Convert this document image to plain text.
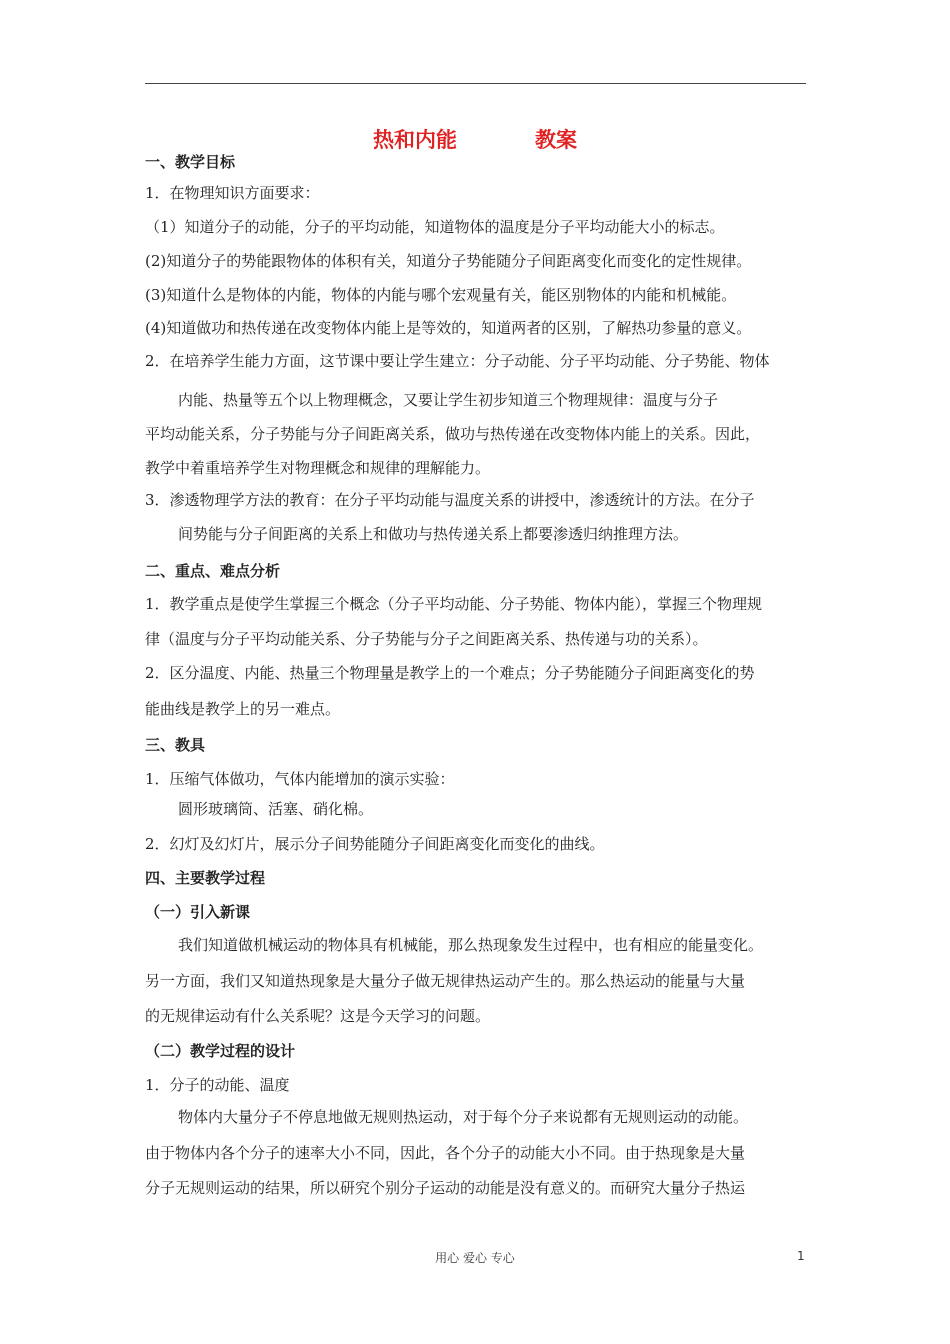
热和内能	教案
一、教学目标
1．在物理知识方面要求：
（1）知道分子的动能，分子的平均动能，知道物体的温度是分子平均动能大小的标志。
(2)知道分子的势能跟物体的体积有关，知道分子势能随分子间距离变化而变化的定性规律。
(3)知道什么是物体的内能，物体的内能与哪个宏观量有关，能区别物体的内能和机械能。
(4)知道做功和热传递在改变物体内能上是等效的，知道两者的区别，了解热功参量的意义。
2．在培养学生能力方面，这节课中要让学生建立：分子动能、分子平均动能、分子势能、物体
内能、热量等五个以上物理概念，又要让学生初步知道三个物理规律：温度与分子
平均动能关系，分子势能与分子间距离关系，做功与热传递在改变物体内能上的关系。因此，
教学中着重培养学生对物理概念和规律的理解能力。
3．渗透物理学方法的教育：在分子平均动能与温度关系的讲授中，渗透统计的方法。在分子
间势能与分子间距离的关系上和做功与热传递关系上都要渗透归纳推理方法。
二、重点、难点分析
1．教学重点是使学生掌握三个概念（分子平均动能、分子势能、物体内能），掌握三个物理规
律（温度与分子平均动能关系、分子势能与分子之间距离关系、热传递与功的关系）。
2．区分温度、内能、热量三个物理量是教学上的一个难点；分子势能随分子间距离变化的势
能曲线是教学上的另一难点。
三、教具
1．压缩气体做功，气体内能增加的演示实验：
圆形玻璃筒、活塞、硝化棉。
2．幻灯及幻灯片，展示分子间势能随分子间距离变化而变化的曲线。
四、主要教学过程
（一）引入新课
我们知道做机械运动的物体具有机械能，那么热现象发生过程中，也有相应的能量变化。
另一方面，我们又知道热现象是大量分子做无规律热运动产生的。那么热运动的能量与大量
的无规律运动有什么关系呢？这是今天学习的问题。
（二）教学过程的设计
1．分子的动能、温度
物体内大量分子不停息地做无规则热运动，对于每个分子来说都有无规则运动的动能。
由于物体内各个分子的速率大小不同，因此，各个分子的动能大小不同。由于热现象是大量
分子无规则运动的结果，所以研究个别分子运动的动能是没有意义的。而研究大量分子热运
用心 爱心 专心	1
